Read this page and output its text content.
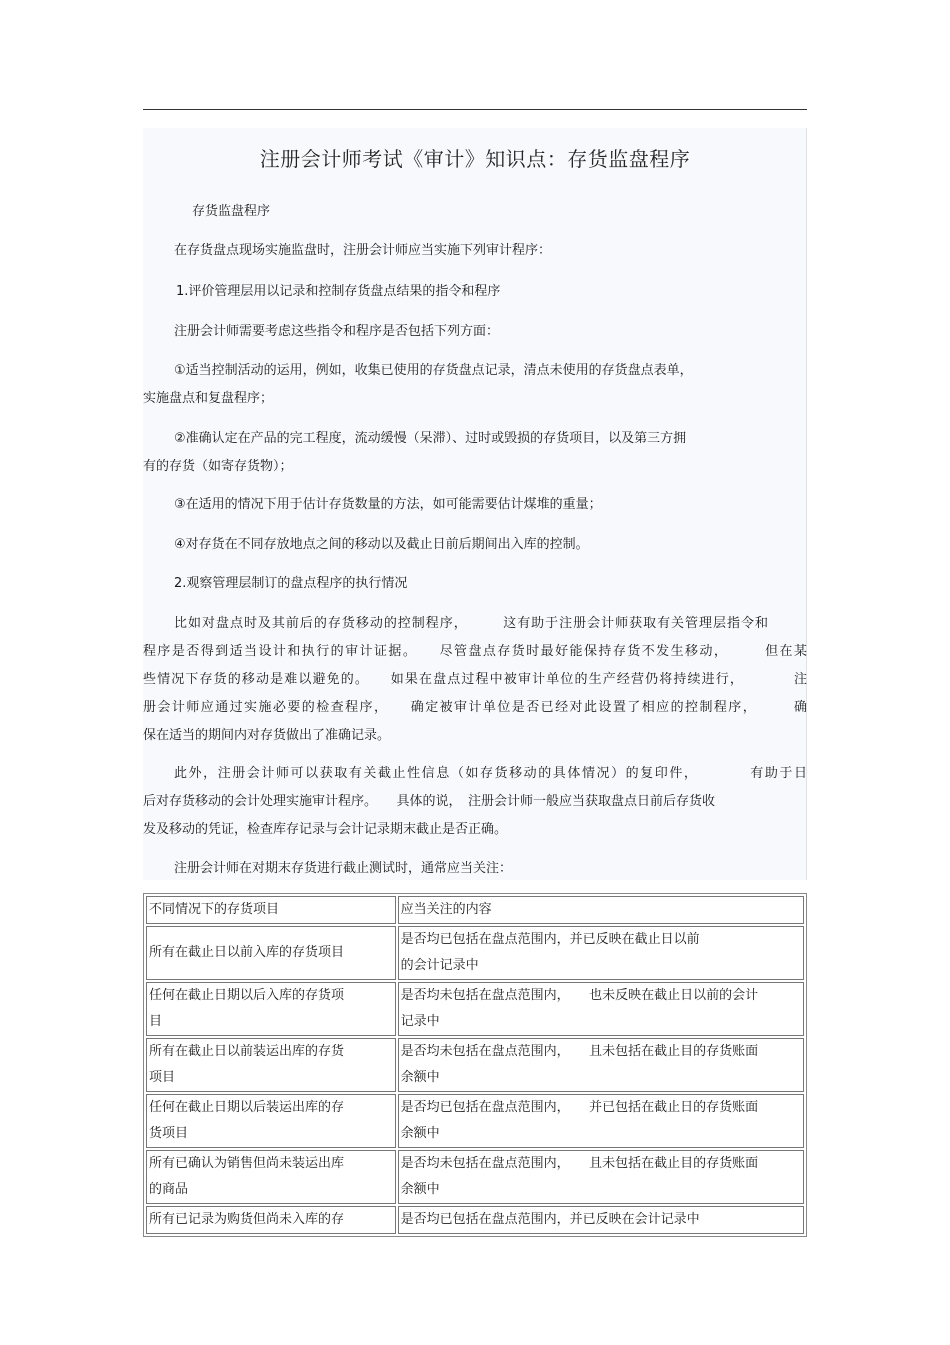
注册会计师考试《审计》知识点：存货监盘程序

存货监盘程序

在存货盘点现场实施监盘时，注册会计师应当实施下列审计程序：

1.评价管理层用以记录和控制存货盘点结果的指令和程序

注册会计师需要考虑这些指令和程序是否包括下列方面：

①适当控制活动的运用，例如，收集已使用的存货盘点记录，清点未使用的存货盘点表单，
实施盘点和复盘程序；

②准确认定在产品的完工程度，流动缓慢（呆滞）、过时或毁损的存货项目，以及第三方拥
有的存货（如寄存货物）；

③在适用的情况下用于估计存货数量的方法，如可能需要估计煤堆的重量；

④对存货在不同存放地点之间的移动以及截止日前后期间出入库的控制。

2.观察管理层制订的盘点程序的执行情况

比如对盘点时及其前后的存货移动的控制程序，　　　这有助于注册会计师获取有关管理层指令和
程序是否得到适当设计和执行的审计证据。　　尽管盘点存货时最好能保持存货不发生移动，　　　但在某
些情况下存货的移动是难以避免的。　　如果在盘点过程中被审计单位的生产经营仍将持续进行，　　　　注
册会计师应通过实施必要的检查程序，　　确定被审计单位是否已经对此设置了相应的控制程序，　　　确
保在适当的期间内对存货做出了准确记录。

此外，注册会计师可以获取有关截止性信息（如存货移动的具体情况）的复印件，　　　　有助于日
后对存货移动的会计处理实施审计程序。　　具体的说，　注册会计师一般应当获取盘点日前后存货收
发及移动的凭证，检查库存记录与会计记录期末截止是否正确。

注册会计师在对期末存货进行截止测试时，通常应当关注：

不同情况下的存货项目	应当关注的内容
所有在截止日以前入库的存货项目	是否均已包括在盘点范围内，并已反映在截止日以前
的会计记录中
任何在截止日期以后入库的存货项
目	是否均未包括在盘点范围内，　　也未反映在截止日以前的会计
记录中
所有在截止日以前装运出库的存货
项目	是否均未包括在盘点范围内，　　且未包括在截止目的存货账面
余额中
任何在截止日期以后装运出库的存
货项目	是否均已包括在盘点范围内，　　并已包括在截止日的存货账面
余额中
所有已确认为销售但尚未装运出库
的商品	是否均未包括在盘点范围内，　　且未包括在截止目的存货账面
余额中
所有已记录为购货但尚未入库的存	是否均已包括在盘点范围内，并已反映在会计记录中
